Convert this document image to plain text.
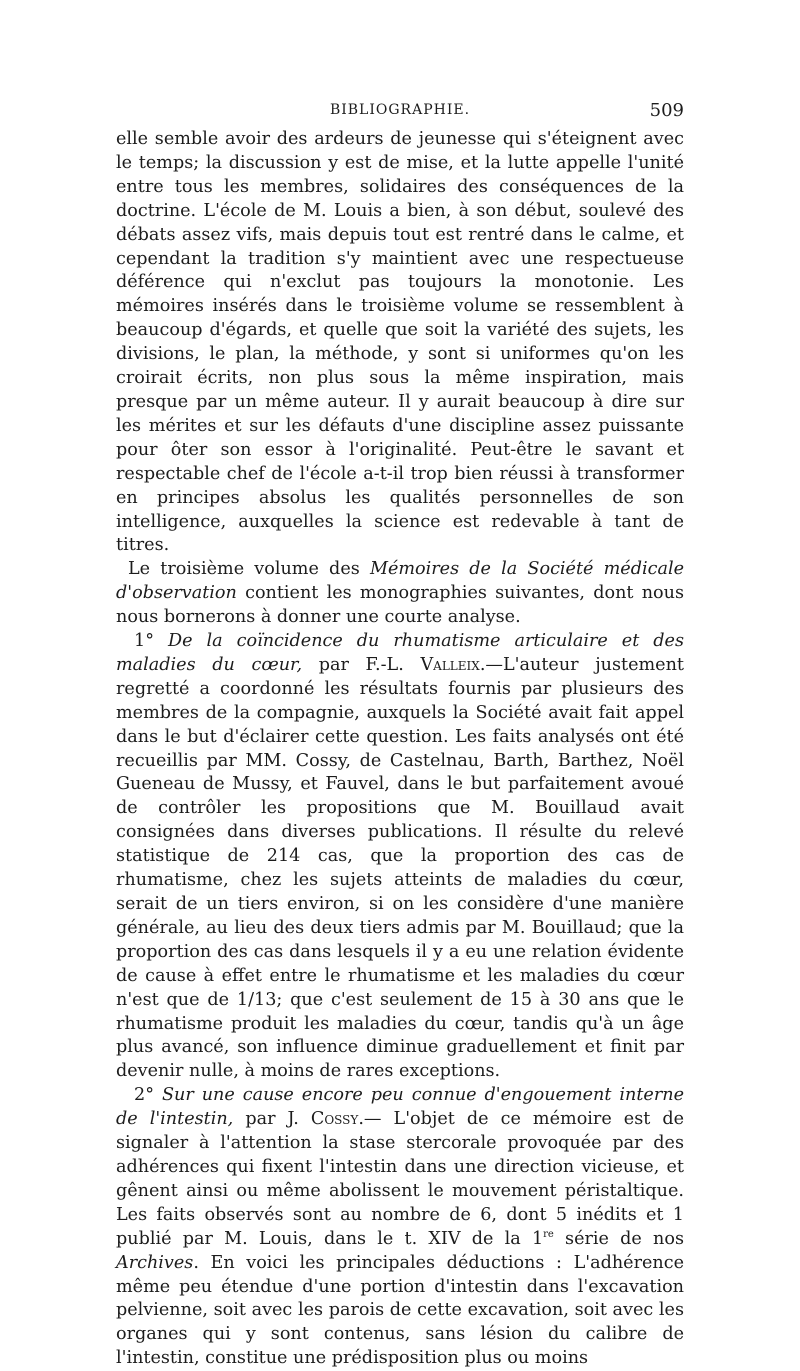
BIBLIOGRAPHIE.	509

elle semble avoir des ardeurs de jeunesse qui s'éteignent avec le temps; la discussion y est de mise, et la lutte appelle l'unité entre tous les membres, solidaires des conséquences de la doctrine. L'école de M. Louis a bien, à son début, soulevé des débats assez vifs, mais depuis tout est rentré dans le calme, et cependant la tradition s'y maintient avec une respectueuse déférence qui n'exclut pas toujours la monotonie. Les mémoires insérés dans le troisième volume se ressemblent à beaucoup d'égards, et quelle que soit la variété des sujets, les divisions, le plan, la méthode, y sont si uniformes qu'on les croirait écrits, non plus sous la même inspiration, mais presque par un même auteur. Il y aurait beaucoup à dire sur les mérites et sur les défauts d'une discipline assez puissante pour ôter son essor à l'originalité. Peut-être le savant et respectable chef de l'école a-t-il trop bien réussi à transformer en principes absolus les qualités personnelles de son intelligence, auxquelles la science est redevable à tant de titres.

Le troisième volume des Mémoires de la Société médicale d'observation contient les monographies suivantes, dont nous nous bornerons à donner une courte analyse.

1° De la coïncidence du rhumatisme articulaire et des maladies du cœur, par F.-L. Valleix.—L'auteur justement regretté a coordonné les résultats fournis par plusieurs des membres de la compagnie, auxquels la Société avait fait appel dans le but d'éclairer cette question. Les faits analysés ont été recueillis par MM. Cossy, de Castelnau, Barth, Barthez, Noël Gueneau de Mussy, et Fauvel, dans le but parfaitement avoué de contrôler les propositions que M. Bouillaud avait consignées dans diverses publications. Il résulte du relevé statistique de 214 cas, que la proportion des cas de rhumatisme, chez les sujets atteints de maladies du cœur, serait de un tiers environ, si on les considère d'une manière générale, au lieu des deux tiers admis par M. Bouillaud; que la proportion des cas dans lesquels il y a eu une relation évidente de cause à effet entre le rhumatisme et les maladies du cœur n'est que de 1/13; que c'est seulement de 15 à 30 ans que le rhumatisme produit les maladies du cœur, tandis qu'à un âge plus avancé, son influence diminue graduellement et finit par devenir nulle, à moins de rares exceptions.

2° Sur une cause encore peu connue d'engouement interne de l'intestin, par J. Cossy.— L'objet de ce mémoire est de signaler à l'attention la stase stercorale provoquée par des adhérences qui fixent l'intestin dans une direction vicieuse, et gênent ainsi ou même abolissent le mouvement péristaltique. Les faits observés sont au nombre de 6, dont 5 inédits et 1 publié par M. Louis, dans le t. XIV de la 1re série de nos Archives. En voici les principales déductions : L'adhérence même peu étendue d'une portion d'intestin dans l'excavation pelvienne, soit avec les parois de cette excavation, soit avec les organes qui y sont contenus, sans lésion du calibre de l'intestin, constitue une prédisposition plus ou moins
